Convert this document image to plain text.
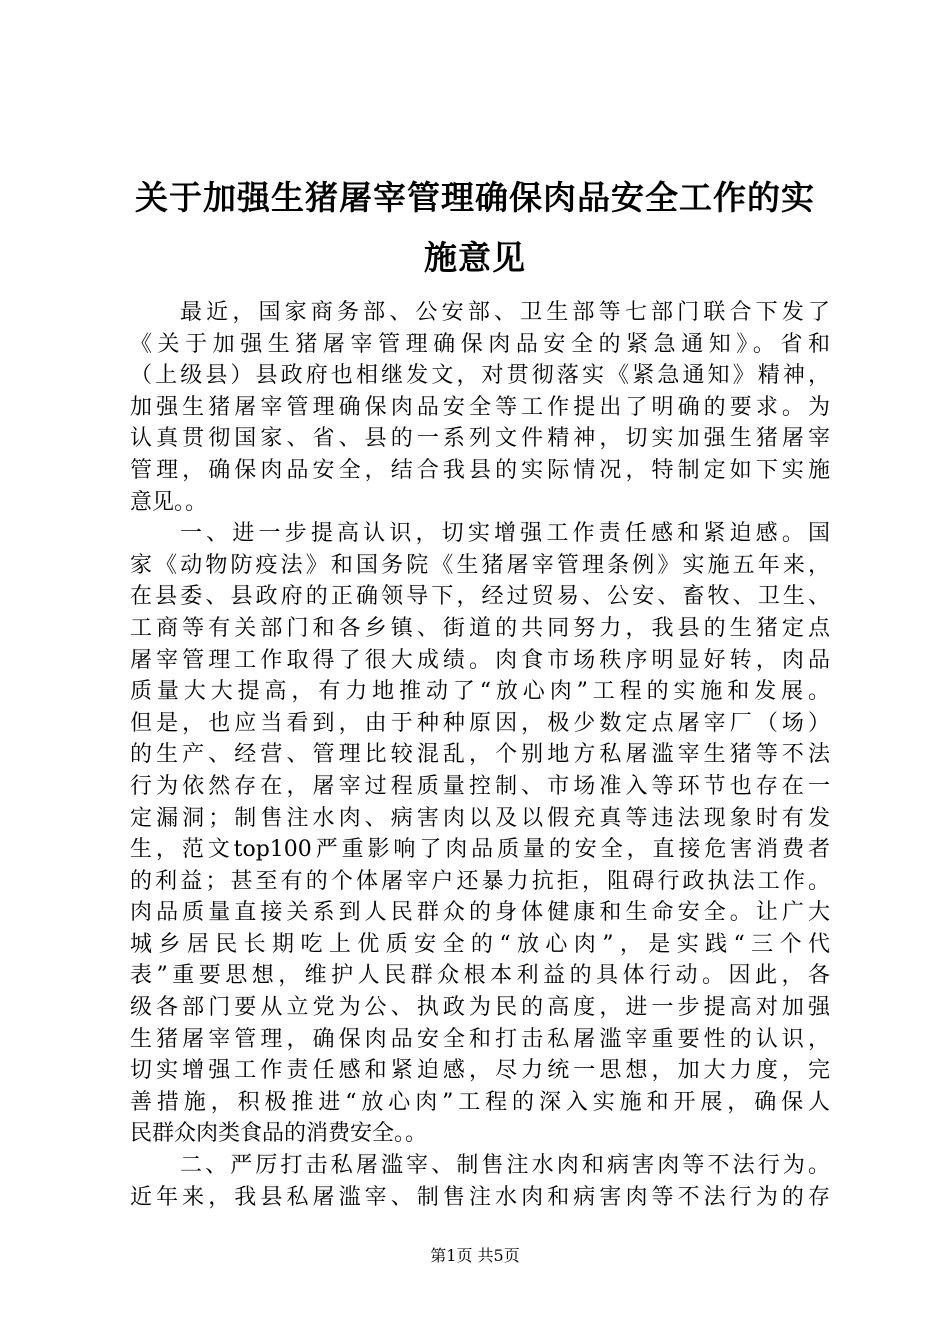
关于加强生猪屠宰管理确保肉品安全工作的实
施意见
最近，国家商务部、公安部、卫生部等七部门联合下发了
《关于加强生猪屠宰管理确保肉品安全的紧急通知》。省和
（上级县）县政府也相继发文，对贯彻落实《紧急通知》精神，
加强生猪屠宰管理确保肉品安全等工作提出了明确的要求。为
认真贯彻国家、省、县的一系列文件精神，切实加强生猪屠宰
管理，确保肉品安全，结合我县的实际情况，特制定如下实施
意见。。
一、进一步提高认识，切实增强工作责任感和紧迫感。国
家《动物防疫法》和国务院《生猪屠宰管理条例》实施五年来，
在县委、县政府的正确领导下，经过贸易、公安、畜牧、卫生、
工商等有关部门和各乡镇、街道的共同努力，我县的生猪定点
屠宰管理工作取得了很大成绩。肉食市场秩序明显好转，肉品
质量大大提高，有力地推动了“放心肉”工程的实施和发展。
但是，也应当看到，由于种种原因，极少数定点屠宰厂（场）
的生产、经营、管理比较混乱，个别地方私屠滥宰生猪等不法
行为依然存在，屠宰过程质量控制、市场准入等环节也存在一
定漏洞；制售注水肉、病害肉以及以假充真等违法现象时有发
生，范文top100严重影响了肉品质量的安全，直接危害消费者
的利益；甚至有的个体屠宰户还暴力抗拒，阻碍行政执法工作。
肉品质量直接关系到人民群众的身体健康和生命安全。让广大
城乡居民长期吃上优质安全的“放心肉”，是实践“三个代
表”重要思想，维护人民群众根本利益的具体行动。因此，各
级各部门要从立党为公、执政为民的高度，进一步提高对加强
生猪屠宰管理，确保肉品安全和打击私屠滥宰重要性的认识，
切实增强工作责任感和紧迫感，尽力统一思想，加大力度，完
善措施，积极推进“放心肉”工程的深入实施和开展，确保人
民群众肉类食品的消费安全。。
二、严厉打击私屠滥宰、制售注水肉和病害肉等不法行为。
近年来，我县私屠滥宰、制售注水肉和病害肉等不法行为的存
第1页 共5页
